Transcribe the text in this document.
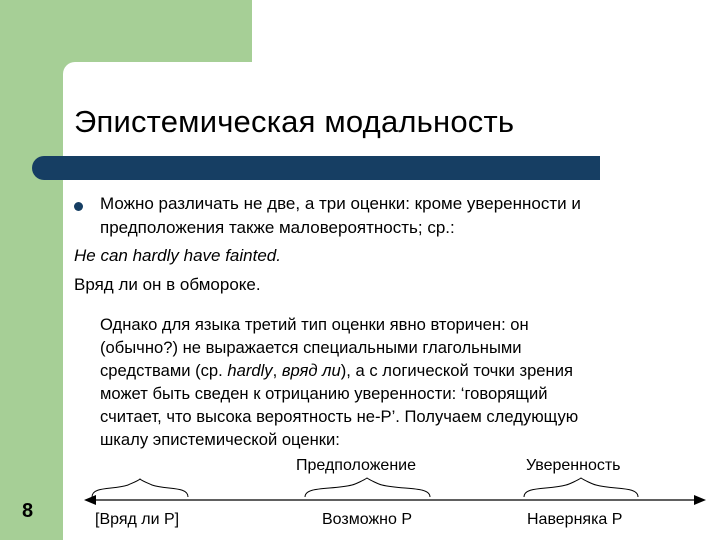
Эпистемическая модальность
Можно различать не две, а три оценки: кроме уверенности и
предположения также маловероятность; ср.:
He can hardly have fainted.
Вряд ли он в обмороке.
Однако для языка третий тип оценки явно вторичен: он
(обычно?) не выражается специальными глагольными
средствами (ср. hardly, вряд ли), а с логической точки зрения
может быть сведен к отрицанию уверенности: ‘говорящий
считает, что высока вероятность не-P’. Получаем следующую
шкалу эпистемической оценки:
Предположение	Уверенность
8	[Вряд ли P]	Возможно P	Наверняка P
